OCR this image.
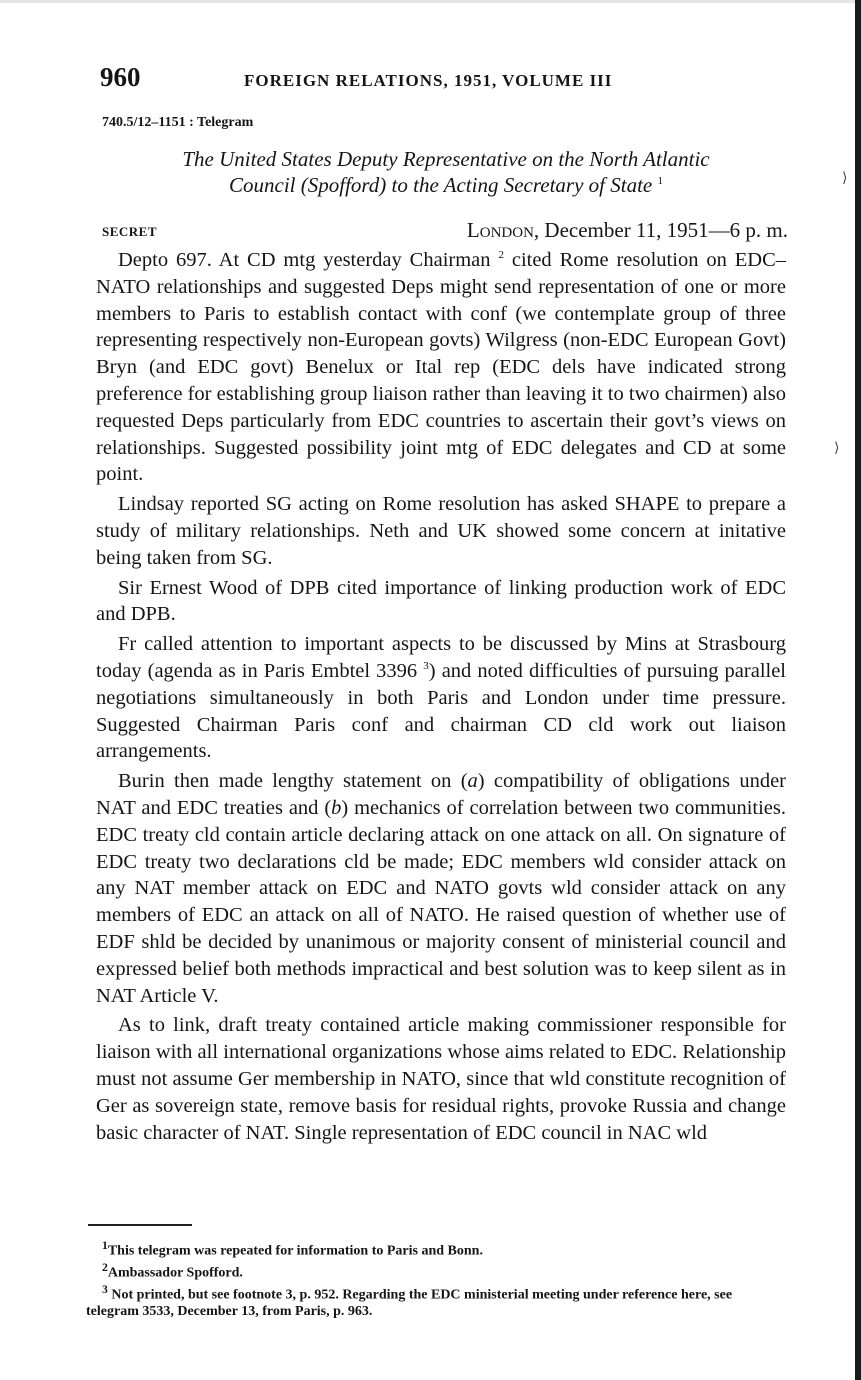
960	FOREIGN RELATIONS, 1951, VOLUME III
740.5/12–1151 : Telegram
The United States Deputy Representative on the North Atlantic
Council (Spofford) to the Acting Secretary of State $^1$
SECRET	London, December 11, 1951—6 p. m.

Depto 697. At CD mtg yesterday Chairman $^2$ cited Rome resolution on EDC–NATO relationships and suggested Deps might send representation of one or more members to Paris to establish contact with conf (we contemplate group of three representing respectively non-European govts) Wilgress (non-EDC European Govt) Bryn (and EDC govt) Benelux or Ital rep (EDC dels have indicated strong preference for establishing group liaison rather than leaving it to two chairmen) also requested Deps particularly from EDC countries to ascertain their govt’s views on relationships. Suggested possibility joint mtg of EDC delegates and CD at some point.

Lindsay reported SG acting on Rome resolution has asked SHAPE to prepare a study of military relationships. Neth and UK showed some concern at initative being taken from SG.

Sir Ernest Wood of DPB cited importance of linking production work of EDC and DPB.

Fr called attention to important aspects to be discussed by Mins at Strasbourg today (agenda as in Paris Embtel 3396 $^3$) and noted difficulties of pursuing parallel negotiations simultaneously in both Paris and London under time pressure. Suggested Chairman Paris conf and chairman CD cld work out liaison arrangements.

Burin then made lengthy statement on (a) compatibility of obligations under NAT and EDC treaties and (b) mechanics of correlation between two communities. EDC treaty cld contain article declaring attack on one attack on all. On signature of EDC treaty two declarations cld be made; EDC members wld consider attack on any NAT member attack on EDC and NATO govts wld consider attack on any members of EDC an attack on all of NATO. He raised question of whether use of EDF shld be decided by unanimous or majority consent of ministerial council and expressed belief both methods impractical and best solution was to keep silent as in NAT Article V.

As to link, draft treaty contained article making commissioner responsible for liaison with all international organizations whose aims related to EDC. Relationship must not assume Ger membership in NATO, since that wld constitute recognition of Ger as sovereign state, remove basis for residual rights, provoke Russia and change basic character of NAT. Single representation of EDC council in NAC wld

$^1$This telegram was repeated for information to Paris and Bonn.

$^2$Ambassador Spofford.

$^3$ Not printed, but see footnote 3, p. 952. Regarding the EDC ministerial meeting under reference here, see telegram 3533, December 13, from Paris, p. 963.

⟩
⟩
